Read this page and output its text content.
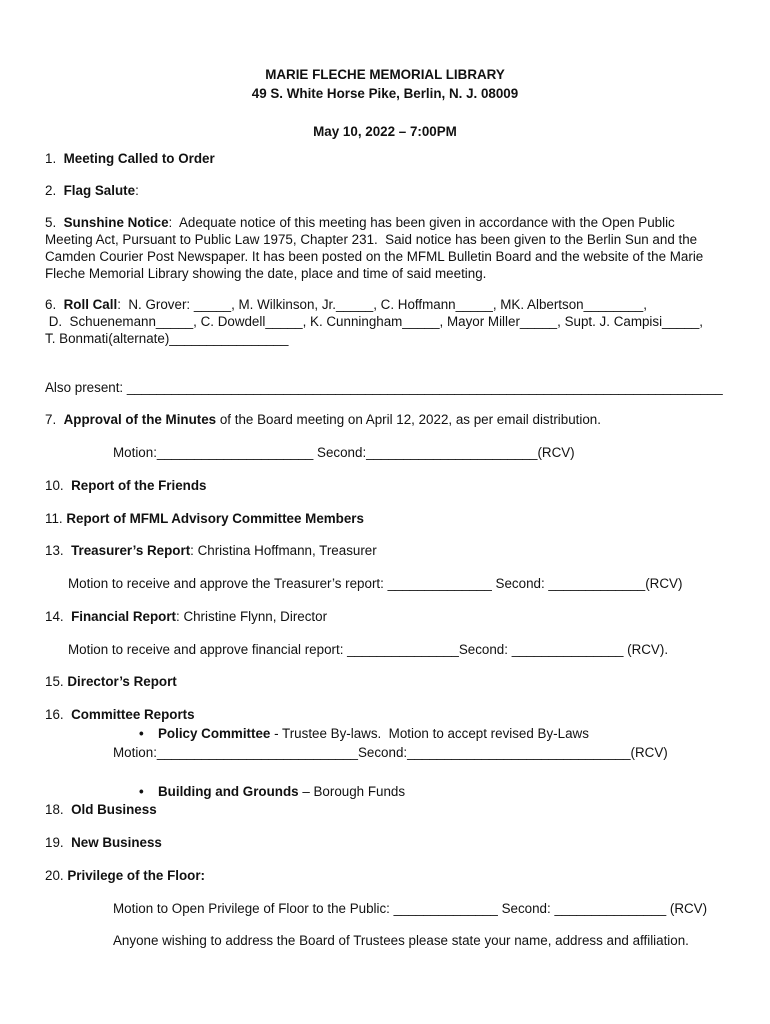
MARIE FLECHE MEMORIAL LIBRARY
49 S. White Horse Pike, Berlin, N. J. 08009
May 10, 2022 – 7:00PM
1. Meeting Called to Order
2. Flag Salute:
5. Sunshine Notice:  Adequate notice of this meeting has been given in accordance with the Open Public
Meeting Act, Pursuant to Public Law 1975, Chapter 231.  Said notice has been given to the Berlin Sun and the
Camden Courier Post Newspaper. It has been posted on the MFML Bulletin Board and the website of the Marie
Fleche Memorial Library showing the date, place and time of said meeting.
6. Roll Call:  N. Grover: _____, M. Wilkinson, Jr._____, C. Hoffmann_____, MK. Albertson________,
D.  Schuenemann_____, C. Dowdell_____, K. Cunningham_____, Mayor Miller_____, Supt. J. Campisi_____,
T. Bonmati(alternate)________________
Also present: ________________________________________________________________________________
7. Approval of the Minutes of the Board meeting on April 12, 2022, as per email distribution.
Motion:_____________________ Second:_______________________(RCV)
10. Report of the Friends
11. Report of MFML Advisory Committee Members
13. Treasurer’s Report: Christina Hoffmann, Treasurer
Motion to receive and approve the Treasurer’s report: ______________ Second: _____________(RCV)
14. Financial Report: Christine Flynn, Director
Motion to receive and approve financial report: _______________Second: _______________ (RCV).
15. Director’s Report
16. Committee Reports
• Policy Committee - Trustee By-laws.  Motion to accept revised By-Laws
Motion:___________________________Second:______________________________(RCV)
• Building and Grounds – Borough Funds
18. Old Business
19. New Business
20. Privilege of the Floor:
Motion to Open Privilege of Floor to the Public: ______________ Second: _______________ (RCV)
Anyone wishing to address the Board of Trustees please state your name, address and affiliation.
